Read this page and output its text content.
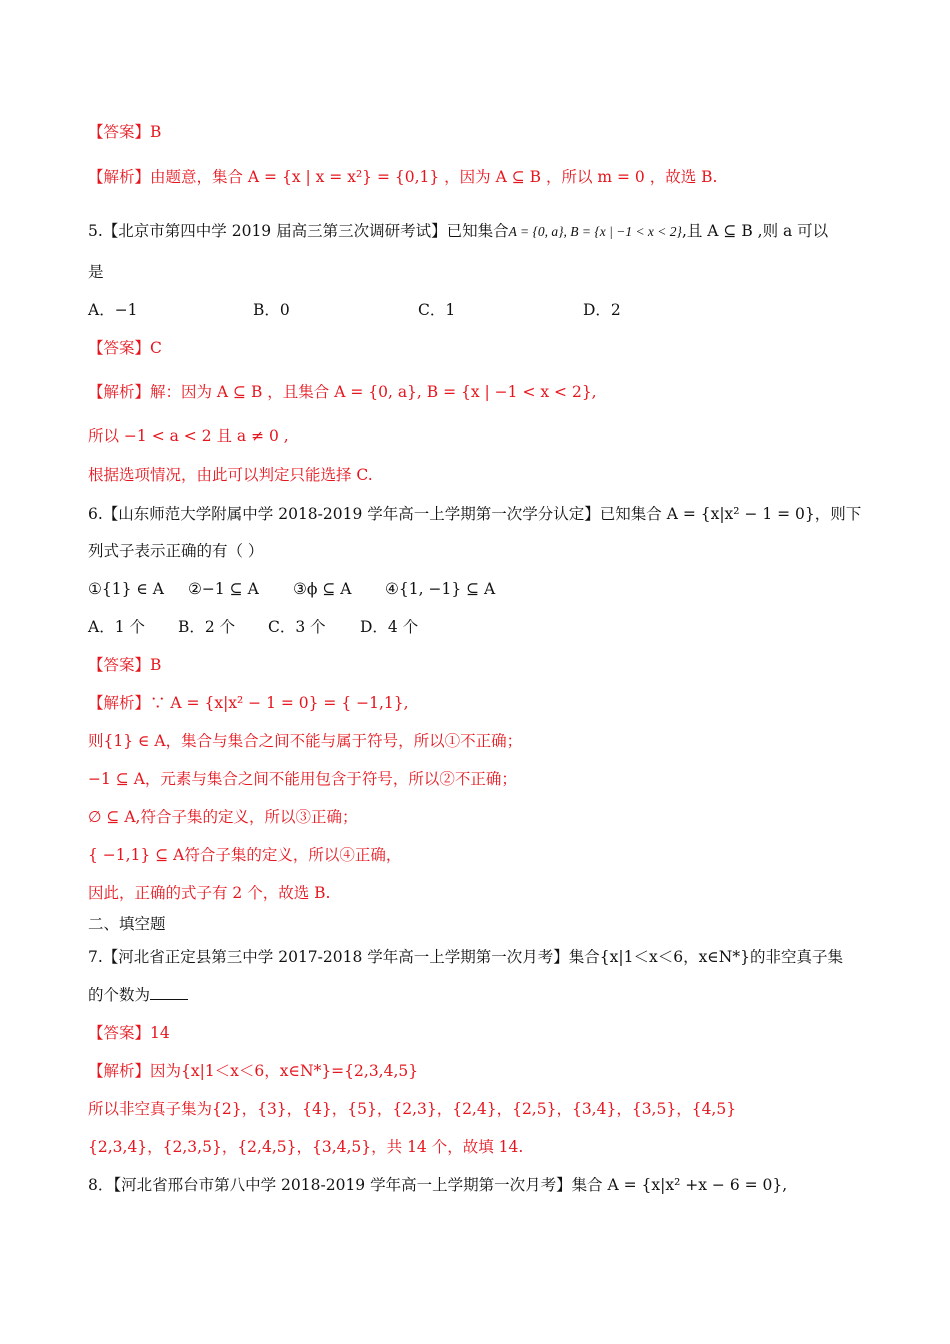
【答案】B
【解析】由题意，集合 A = {x | x = x²} = {0,1} ，因为 A ⊆ B ，所以 m = 0 ，故选 B.
5.【北京市第四中学 2019 届高三第三次调研考试】已知集合A = {0, a}, B = {x | −1 < x < 2},且 A ⊆ B ,则 a 可以
是
A．−1	B．0	C．1	D．2
【答案】C
【解析】解：因为 A ⊆ B ，且集合 A = {0, a}, B = {x | −1 < x < 2},
所以 −1 < a < 2 且 a ≠ 0 ,
根据选项情况，由此可以判定只能选择 C.
6.【山东师范大学附属中学 2018-2019 学年高一上学期第一次学分认定】已知集合 A = {x|x² − 1 = 0}，则下
列式子表示正确的有（ ）
①{1} ∈ A ②−1 ⊆ A ③ϕ ⊆ A ④{1, −1} ⊆ A
A．1 个 B．2 个 C．3 个 D．4 个
【答案】B
【解析】∵ A = {x|x² − 1 = 0} = { −1,1},
则{1} ∈ A，集合与集合之间不能与属于符号，所以①不正确；
−1 ⊆ A，元素与集合之间不能用包含于符号，所以②不正确；
∅ ⊆ A,符合子集的定义，所以③正确；
{ −1,1} ⊆ A符合子集的定义，所以④正确，
因此，正确的式子有 2 个，故选 B.
二、填空题
7.【河北省正定县第三中学 2017-2018 学年高一上学期第一次月考】集合{x|1＜x＜6，x∈N*}的非空真子集
的个数为
【答案】14
【解析】因为{x|1＜x＜6，x∈N*}={2,3,4,5}
所以非空真子集为{2}，{3}，{4}，{5}，{2,3}，{2,4}，{2,5}，{3,4}，{3,5}，{4,5}
{2,3,4}，{2,3,5}，{2,4,5}，{3,4,5}，共 14 个，故填 14.
8．【河北省邢台市第八中学 2018-2019 学年高一上学期第一次月考】集合 A = {x|x² +x − 6 = 0},
